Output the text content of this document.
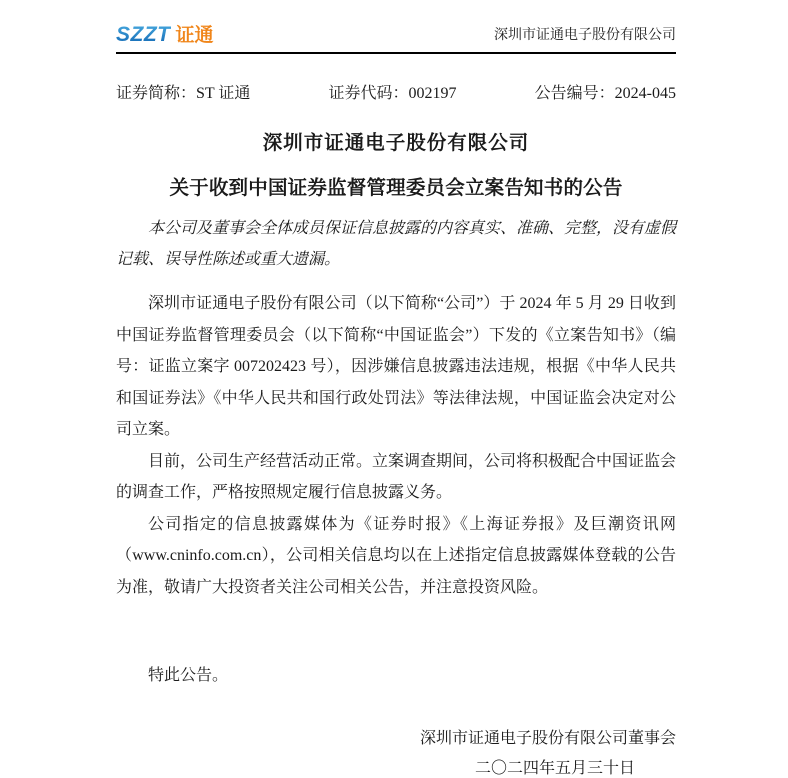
SZZT 证通	深圳市证通电子股份有限公司
证券简称：ST 证通	证券代码：002197	公告编号：2024-045
深圳市证通电子股份有限公司
关于收到中国证券监督管理委员会立案告知书的公告

本公司及董事会全体成员保证信息披露的内容真实、准确、完整，没有虚假记载、误导性陈述或重大遗漏。

深圳市证通电子股份有限公司（以下简称“公司”）于 2024 年 5 月 29 日收到中国证券监督管理委员会（以下简称“中国证监会”）下发的《立案告知书》（编号：证监立案字 007202423 号），因涉嫌信息披露违法违规，根据《中华人民共和国证券法》《中华人民共和国行政处罚法》等法律法规，中国证监会决定对公司立案。

目前，公司生产经营活动正常。立案调查期间，公司将积极配合中国证监会的调查工作，严格按照规定履行信息披露义务。

公司指定的信息披露媒体为《证券时报》《上海证券报》及巨潮资讯网（www.cninfo.com.cn），公司相关信息均以在上述指定信息披露媒体登载的公告为准，敬请广大投资者关注公司相关公告，并注意投资风险。

特此公告。

深圳市证通电子股份有限公司董事会
二〇二四年五月三十日
